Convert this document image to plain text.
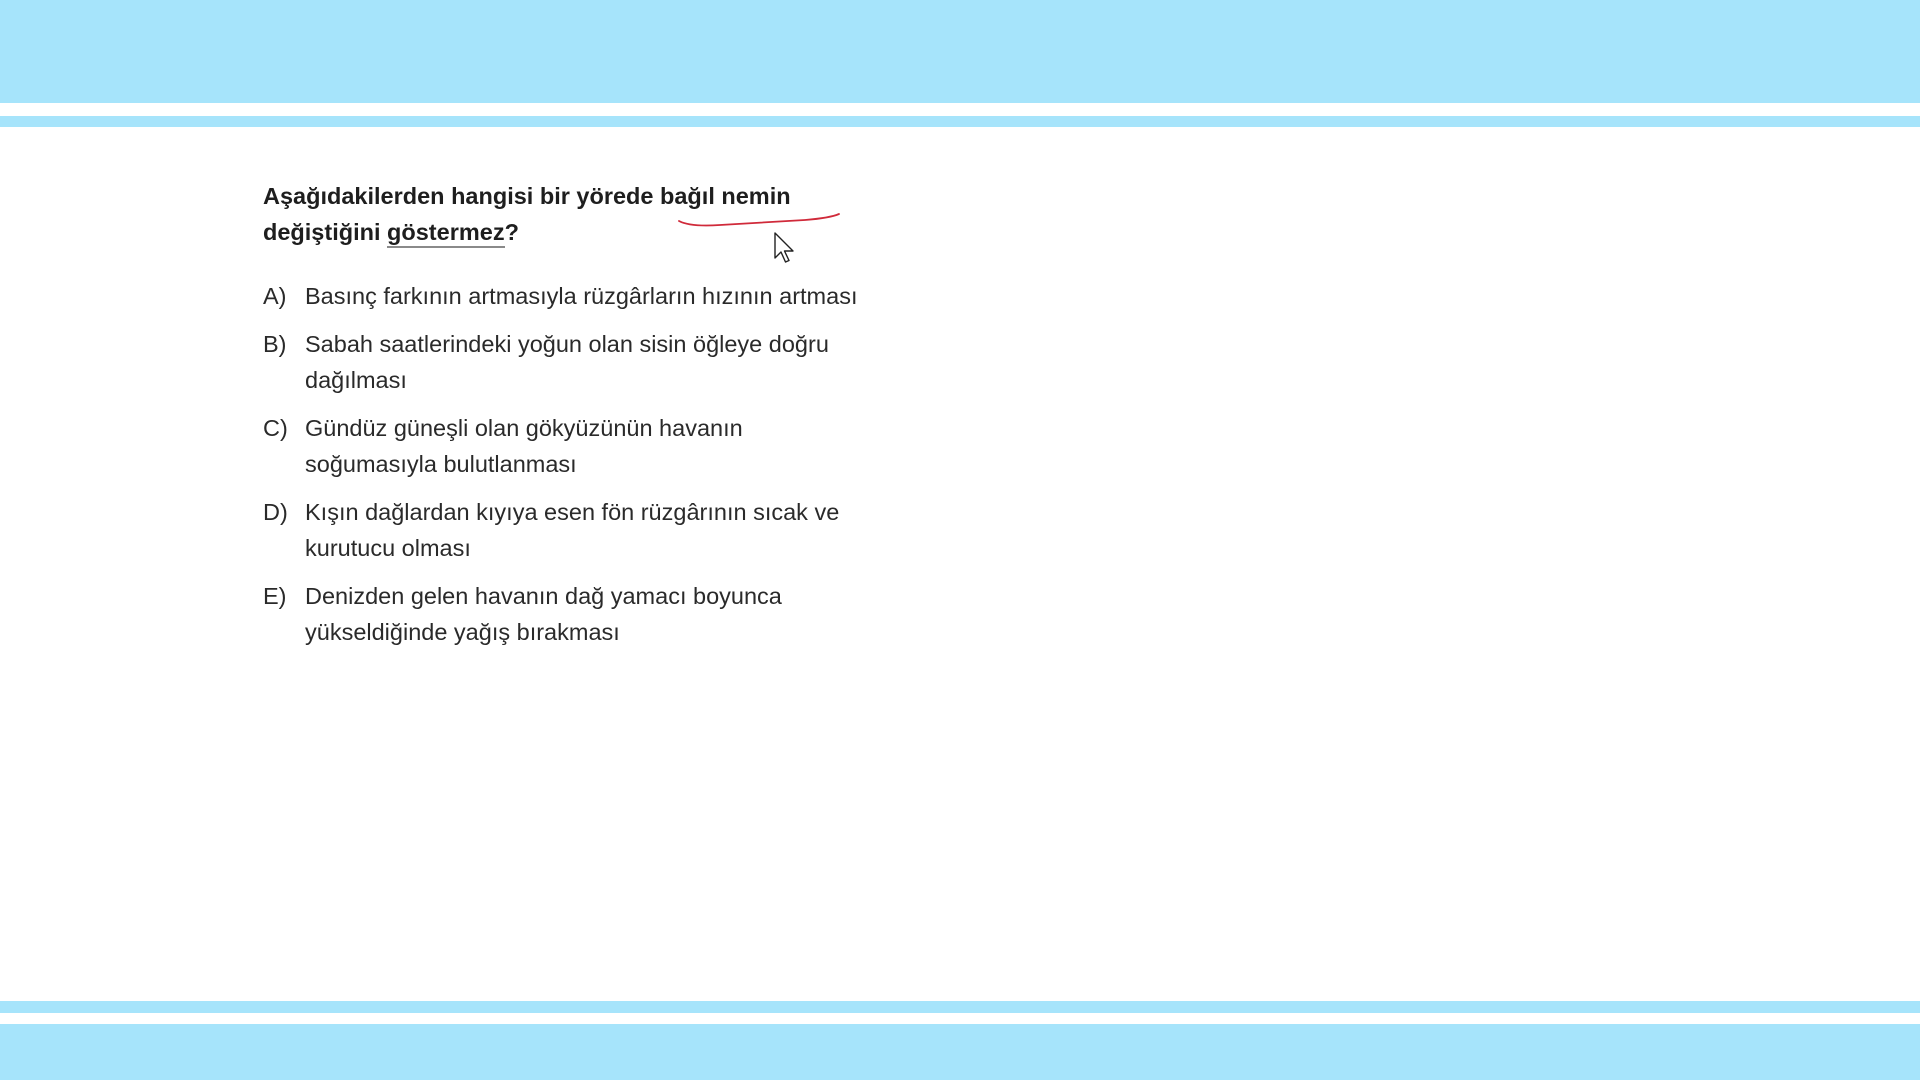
Aşağıdakilerden hangisi bir yörede bağıl nemin
değiştiğini göstermez?
A) Basınç farkının artmasıyla rüzgârların hızının artması
B) Sabah saatlerindeki yoğun olan sisin öğleye doğru
dağılması
C) Gündüz güneşli olan gökyüzünün havanın
soğumasıyla bulutlanması
D) Kışın dağlardan kıyıya esen fön rüzgârının sıcak ve
kurutucu olması
E) Denizden gelen havanın dağ yamacı boyunca
yükseldiğinde yağış bırakması
